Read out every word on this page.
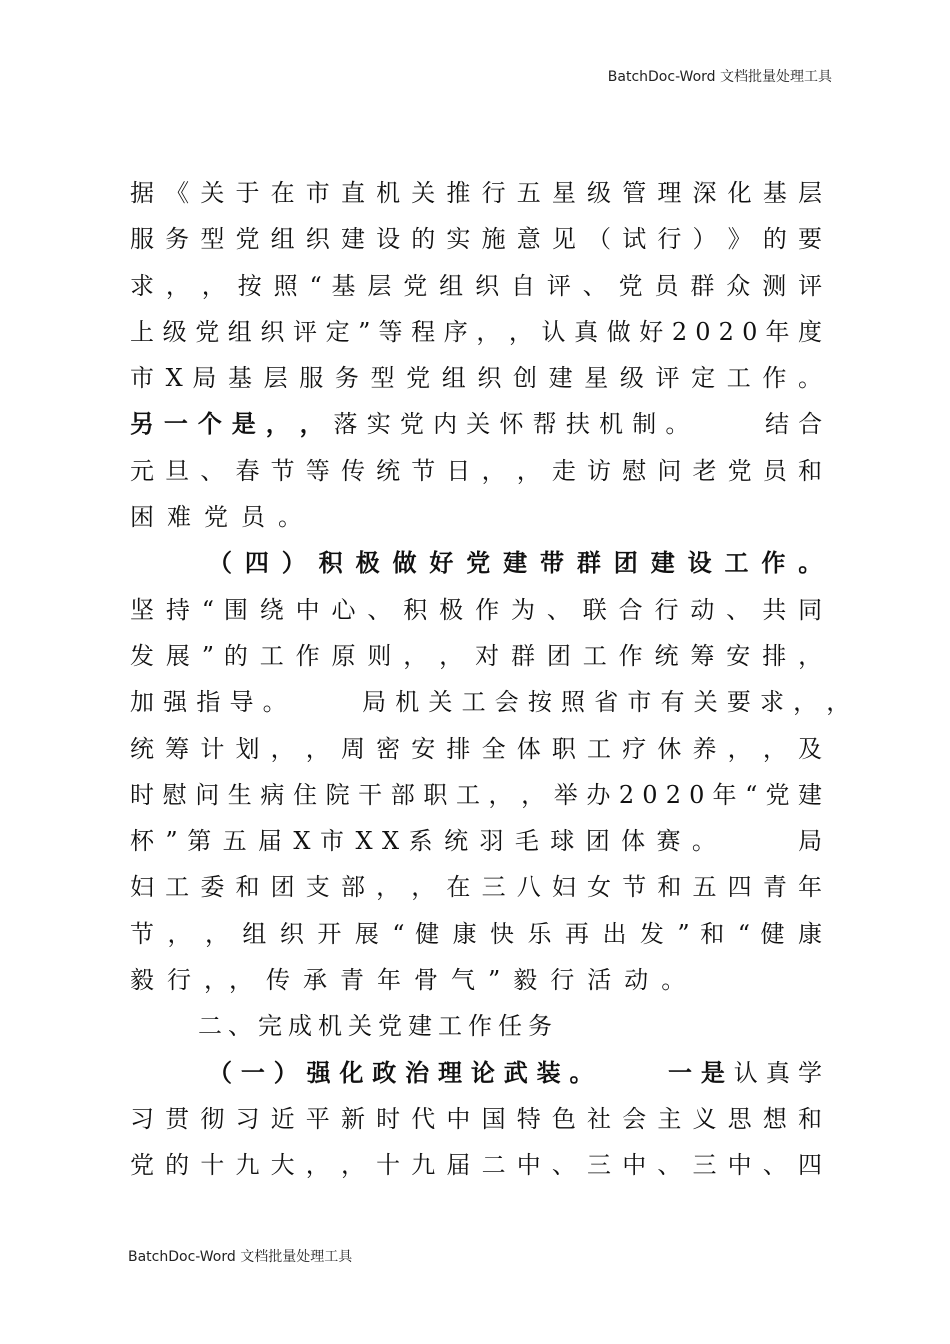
BatchDoc-Word 文档批量处理工具
据 《 关 于 在 市 直 机 关 推 行 五 星 级 管 理 深 化 基 层
服 务 型 党 组 织 建 设 的 实 施 意 见 （ 试 行 ） 》 的 要
求 ， ， 按 照 “ 基 层 党 组 织 自 评 、 党 员 群 众 测 评
上 级 党 组 织 评 定 ” 等 程 序 ， ， 认 真 做 好 2 0 2 0 年 度
市 X 局 基 层 服 务 型 党 组 织 创 建 星 级 评 定 工 作 。
另 一 个 是 ， ， 落 实 党 内 关 怀 帮 扶 机 制 。 　 　	结 合
元 旦 、 春 节 等 传 统 节 日 ， ， 走 访 慰 问 老 党 员 和
困难党员。
（ 四 ） 积 极 做 好 党 建 带 群 团 建 设 工 作 。
坚 持 “ 围 绕 中 心 、 积 极 作 为 、 联 合 行 动 、 共 同
发 展 ” 的 工 作 原 则 ， ， 对 群 团 工 作 统 筹 安 排 ，
加 强 指 导 。 　 　	局 机 关 工 会 按 照 省 市 有 关 要 求 ， ，
统 筹 计 划 ， ， 周 密 安 排 全 体 职 工 疗 休 养 ， ， 及
时 慰 问 生 病 住 院 干 部 职 工 ， ， 举 办 2 0 2 0 年 “ 党 建
杯 ” 第 五 届 X 市 X X 系 统 羽 毛 球 团 体 赛 。 　 　	局
妇 工 委 和 团 支 部 ， ， 在 三 八 妇 女 节 和 五 四 青 年
节 ， ， 组 织 开 展 “ 健 康 快 乐 再 出 发 ” 和 “ 健 康
毅行，，传承青年骨气”毅行活动。
二、完成机关党建工作任务
（ 一 ） 强 化 政 治 理 论 武 装 。 　 　	一 是 认 真 学
习 贯 彻 习 近 平 新 时 代 中 国 特 色 社 会 主 义 思 想 和
党 的 十 九 大 ， ， 十 九 届 二 中 、 三 中 、 三 中 、 四
BatchDoc-Word 文档批量处理工具
